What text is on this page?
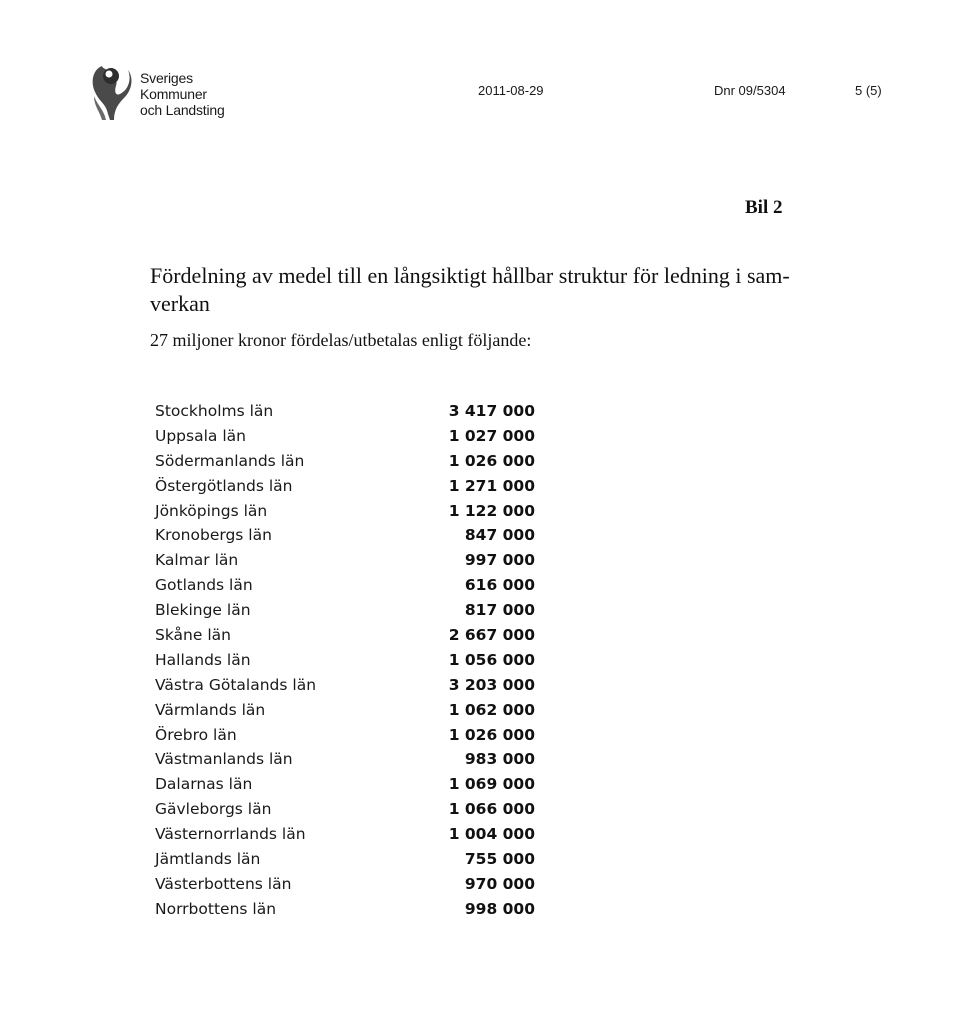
Sveriges
Kommuner
och Landsting
2011-08-29	Dnr 09/5304	5 (5)
Bil 2
Fördelning av medel till en långsiktigt hållbar struktur för ledning i sam-
verkan
27 miljoner kronor fördelas/utbetalas enligt följande:
Stockholms län	3 417 000
Uppsala län	1 027 000
Södermanlands län	1 026 000
Östergötlands län	1 271 000
Jönköpings län	1 122 000
Kronobergs län	847 000
Kalmar län	997 000
Gotlands län	616 000
Blekinge län	817 000
Skåne län	2 667 000
Hallands län	1 056 000
Västra Götalands län	3 203 000
Värmlands län	1 062 000
Örebro län	1 026 000
Västmanlands län	983 000
Dalarnas län	1 069 000
Gävleborgs län	1 066 000
Västernorrlands län	1 004 000
Jämtlands län	755 000
Västerbottens län	970 000
Norrbottens län	998 000
